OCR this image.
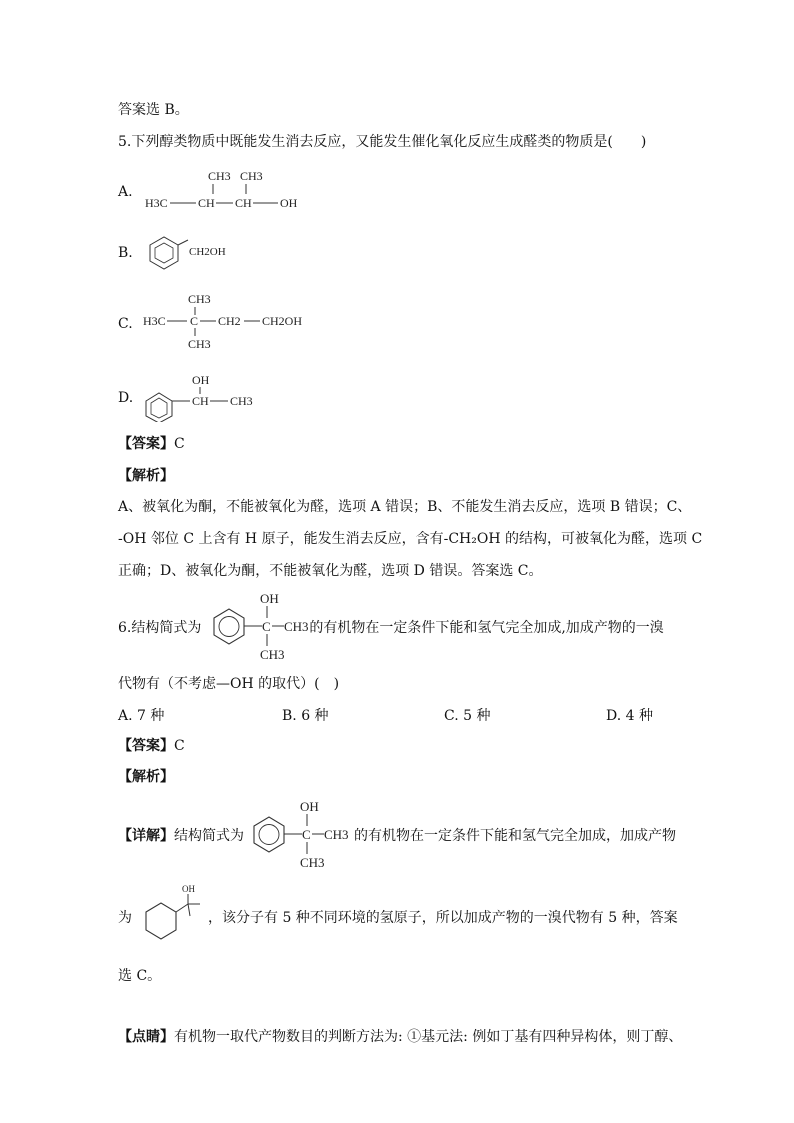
答案选 B。
5.下列醇类物质中既能发生消去反应，又能发生催化氧化反应生成醛类的物质是(　　)
A.
CH3 CH3
H3C	CH CH OH
B.	CH2OH
C.
CH3
H3C C CH2 CH2OH
CH3
D.
OH
CH CH3
【答案】C
【解析】
A、被氧化为酮，不能被氧化为醛，选项 A 错误；B、不能发生消去反应，选项 B 错误；C、
-OH 邻位 C 上含有 H 原子，能发生消去反应，含有-CH₂OH 的结构，可被氧化为醛，选项 C
正确；D、被氧化为酮，不能被氧化为醛，选项 D 错误。答案选 C。
6.结构简式为	的有机物在一定条件下能和氢气完全加成,加成产物的一溴
OH
C CH3
CH3
代物有（不考虑—OH 的取代）(　)
A. 7 种	B. 6 种	C. 5 种	D. 4 种
【答案】C
【解析】
【详解】结构简式为	的有机物在一定条件下能和氢气完全加成，加成产物
OH
C CH3
CH3
为	，该分子有 5 种不同环境的氢原子，所以加成产物的一溴代物有 5 种，答案
OH
选 C。
【点睛】有机物一取代产物数目的判断方法为: ①基元法: 例如丁基有四种异构体，则丁醇、
